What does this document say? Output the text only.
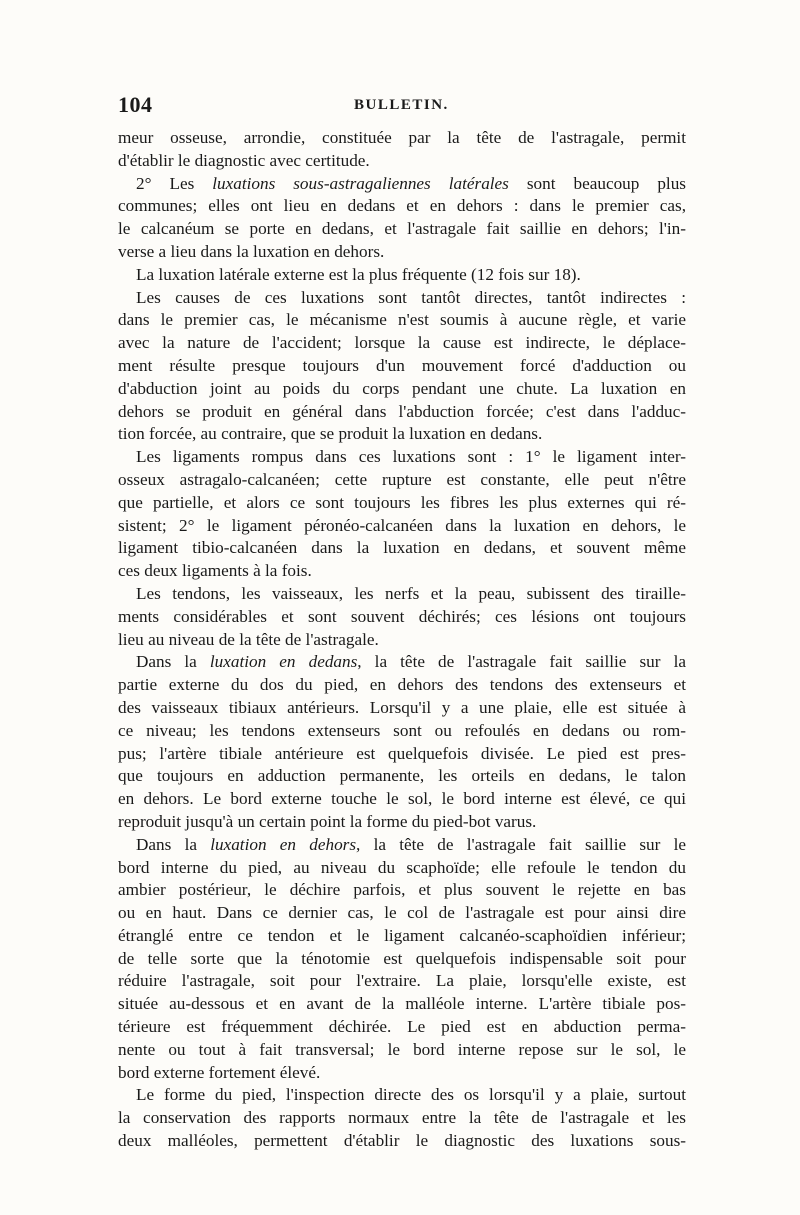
104	BULLETIN.
meur osseuse, arrondie, constituée par la tête de l'astragale, permit
d'établir le diagnostic avec certitude.
2° Les luxations sous-astragaliennes latérales sont beaucoup plus
communes; elles ont lieu en dedans et en dehors : dans le premier cas,
le calcanéum se porte en dedans, et l'astragale fait saillie en dehors; l'in-
verse a lieu dans la luxation en dehors.
La luxation latérale externe est la plus fréquente (12 fois sur 18).
Les causes de ces luxations sont tantôt directes, tantôt indirectes :
dans le premier cas, le mécanisme n'est soumis à aucune règle, et varie
avec la nature de l'accident; lorsque la cause est indirecte, le déplace-
ment résulte presque toujours d'un mouvement forcé d'adduction ou
d'abduction joint au poids du corps pendant une chute. La luxation en
dehors se produit en général dans l'abduction forcée; c'est dans l'adduc-
tion forcée, au contraire, que se produit la luxation en dedans.
Les ligaments rompus dans ces luxations sont : 1° le ligament inter-
osseux astragalo-calcanéen; cette rupture est constante, elle peut n'être
que partielle, et alors ce sont toujours les fibres les plus externes qui ré-
sistent; 2° le ligament péronéo-calcanéen dans la luxation en dehors, le
ligament tibio-calcanéen dans la luxation en dedans, et souvent même
ces deux ligaments à la fois.
Les tendons, les vaisseaux, les nerfs et la peau, subissent des tiraille-
ments considérables et sont souvent déchirés; ces lésions ont toujours
lieu au niveau de la tête de l'astragale.
Dans la luxation en dedans, la tête de l'astragale fait saillie sur la
partie externe du dos du pied, en dehors des tendons des extenseurs et
des vaisseaux tibiaux antérieurs. Lorsqu'il y a une plaie, elle est située à
ce niveau; les tendons extenseurs sont ou refoulés en dedans ou rom-
pus; l'artère tibiale antérieure est quelquefois divisée. Le pied est pres-
que toujours en adduction permanente, les orteils en dedans, le talon
en dehors. Le bord externe touche le sol, le bord interne est élevé, ce qui
reproduit jusqu'à un certain point la forme du pied-bot varus.
Dans la luxation en dehors, la tête de l'astragale fait saillie sur le
bord interne du pied, au niveau du scaphoïde; elle refoule le tendon du
ambier postérieur, le déchire parfois, et plus souvent le rejette en bas
ou en haut. Dans ce dernier cas, le col de l'astragale est pour ainsi dire
étranglé entre ce tendon et le ligament calcanéo-scaphoïdien inférieur;
de telle sorte que la ténotomie est quelquefois indispensable soit pour
réduire l'astragale, soit pour l'extraire. La plaie, lorsqu'elle existe, est
située au-dessous et en avant de la malléole interne. L'artère tibiale pos-
térieure est fréquemment déchirée. Le pied est en abduction perma-
nente ou tout à fait transversal; le bord interne repose sur le sol, le
bord externe fortement élevé.
Le forme du pied, l'inspection directe des os lorsqu'il y a plaie, surtout
la conservation des rapports normaux entre la tête de l'astragale et les
deux malléoles, permettent d'établir le diagnostic des luxations sous-
